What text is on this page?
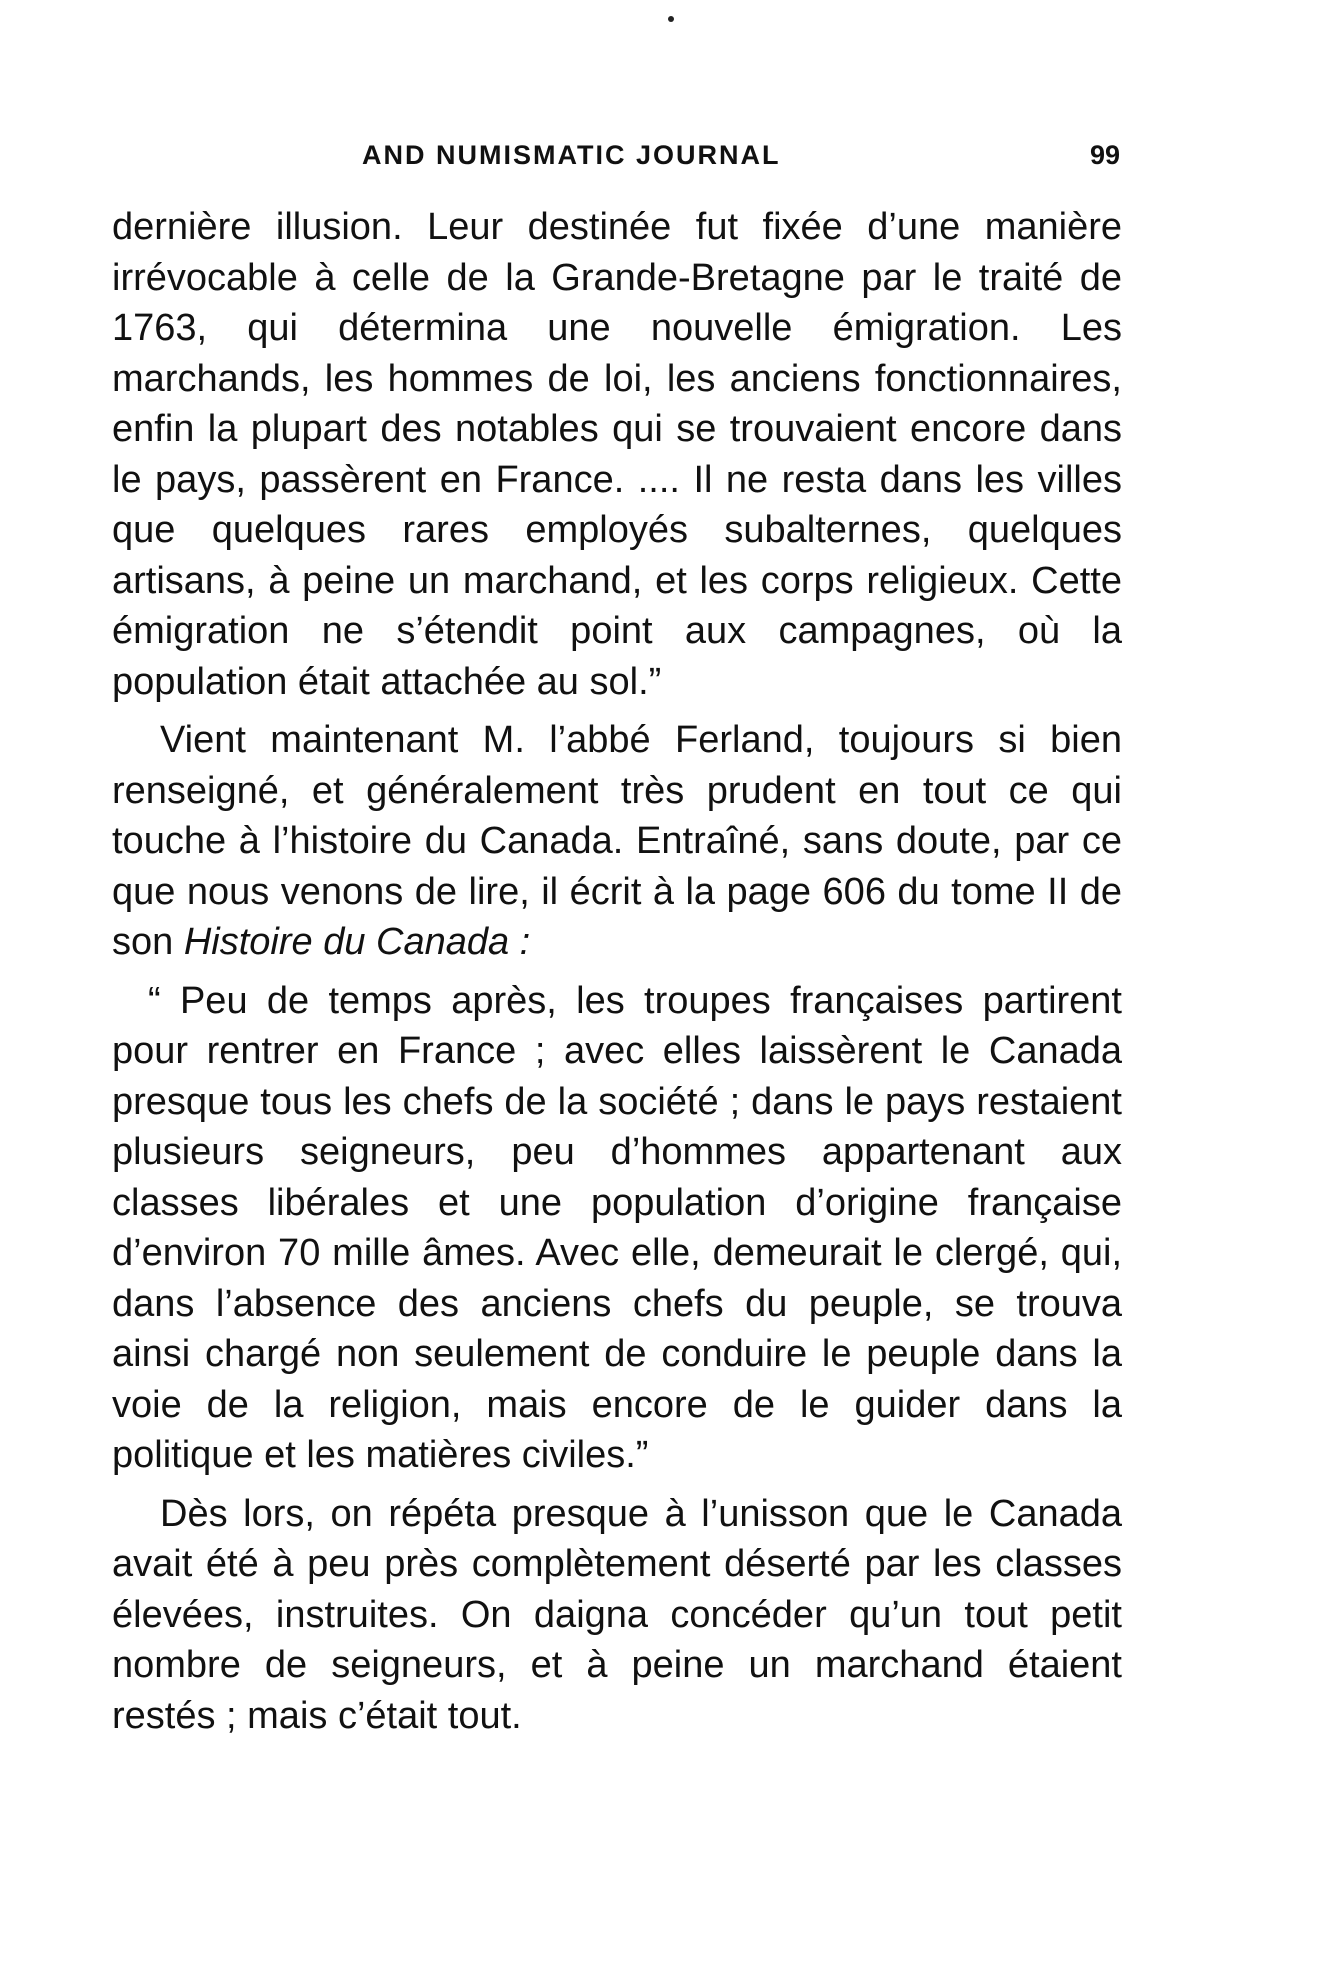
AND NUMISMATIC JOURNAL	99

dernière illusion. Leur destinée fut fixée d’une manière irrévocable à celle de la Grande-Bretagne par le traité de 1763, qui détermina une nouvelle émigration. Les marchands, les hommes de loi, les anciens fonctionnaires, enfin la plupart des notables qui se trouvaient encore dans le pays, passèrent en France. .... Il ne resta dans les villes que quelques rares employés subalternes, quelques artisans, à peine un marchand, et les corps religieux. Cette émigration ne s’étendit point aux campagnes, où la population était attachée au sol.”

Vient maintenant M. l’abbé Ferland, toujours si bien renseigné, et généralement très prudent en tout ce qui touche à l’histoire du Canada. Entraîné, sans doute, par ce que nous venons de lire, il écrit à la page 606 du tome II de son Histoire du Canada :

“ Peu de temps après, les troupes françaises partirent pour rentrer en France ; avec elles laissèrent le Canada presque tous les chefs de la société ; dans le pays restaient plusieurs seigneurs, peu d’hommes appartenant aux classes libérales et une population d’origine française d’environ 70 mille âmes. Avec elle, demeurait le clergé, qui, dans l’absence des anciens chefs du peuple, se trouva ainsi chargé non seulement de conduire le peuple dans la voie de la religion, mais encore de le guider dans la politique et les matières civiles.”

Dès lors, on répéta presque à l’unisson que le Canada avait été à peu près complètement déserté par les classes élevées, instruites. On daigna concéder qu’un tout petit nombre de seigneurs, et à peine un marchand étaient restés ; mais c’était tout.
